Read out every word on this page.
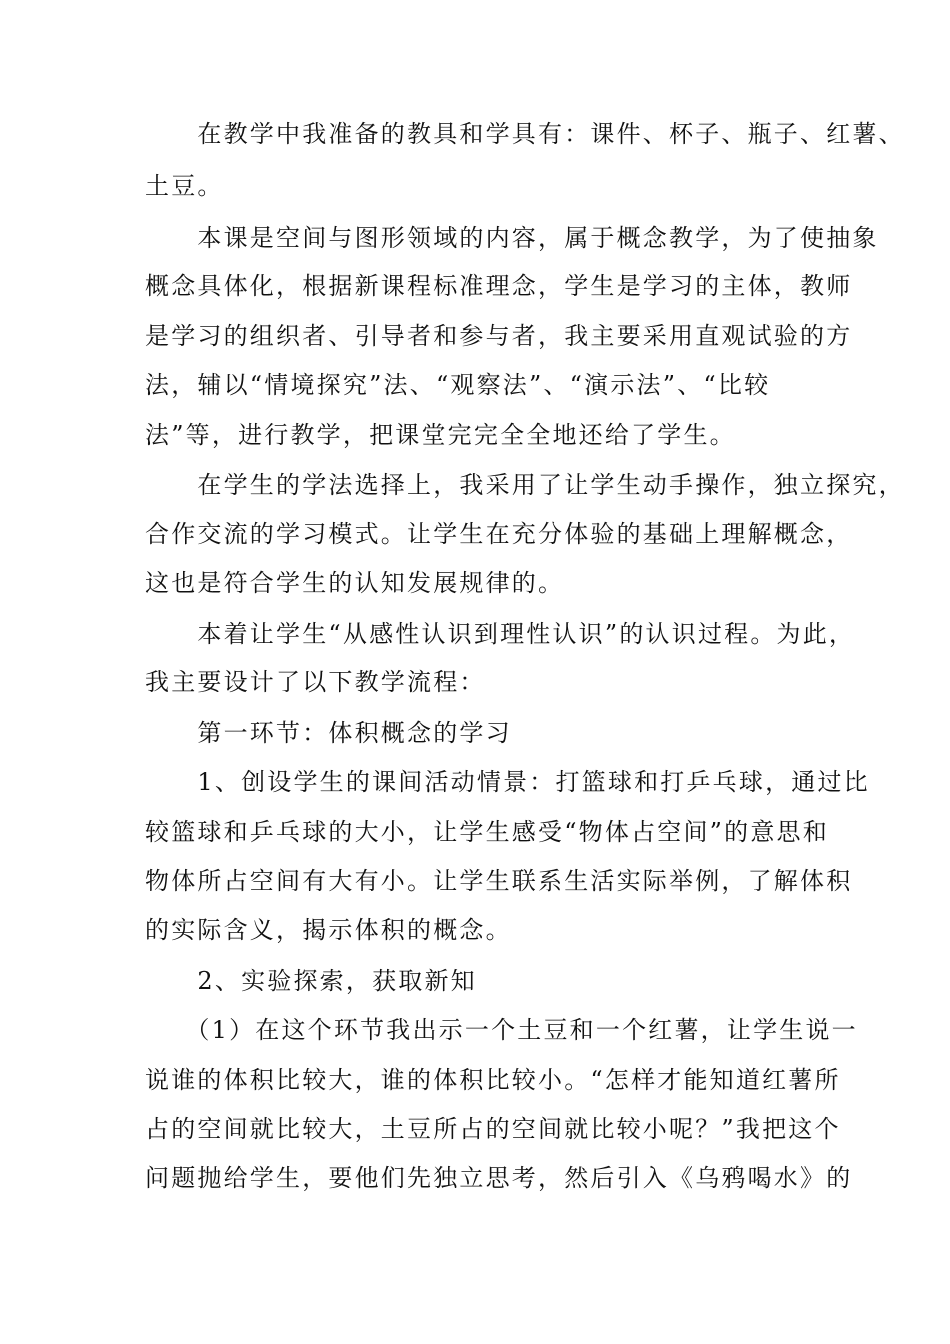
　　在教学中我准备的教具和学具有：课件、杯子、瓶子、红薯、
土豆。
　　本课是空间与图形领域的内容，属于概念教学，为了使抽象
概念具体化，根据新课程标准理念，学生是学习的主体，教师
是学习的组织者、引导者和参与者，我主要采用直观试验的方
法，辅以“情境探究”法、“观察法”、“演示法”、“比较
法”等，进行教学，把课堂完完全全地还给了学生。
　　在学生的学法选择上，我采用了让学生动手操作，独立探究，
合作交流的学习模式。让学生在充分体验的基础上理解概念，
这也是符合学生的认知发展规律的。
　　本着让学生“从感性认识到理性认识”的认识过程。为此，
我主要设计了以下教学流程：
　　第一环节：体积概念的学习
　　1、创设学生的课间活动情景：打篮球和打乒乓球，通过比
较篮球和乒乓球的大小，让学生感受“物体占空间”的意思和
物体所占空间有大有小。让学生联系生活实际举例，了解体积
的实际含义，揭示体积的概念。
　　2、实验探索，获取新知
　　（1）在这个环节我出示一个土豆和一个红薯，让学生说一
说谁的体积比较大，谁的体积比较小。“怎样才能知道红薯所
占的空间就比较大，土豆所占的空间就比较小呢？”我把这个
问题抛给学生，要他们先独立思考，然后引入《乌鸦喝水》的
